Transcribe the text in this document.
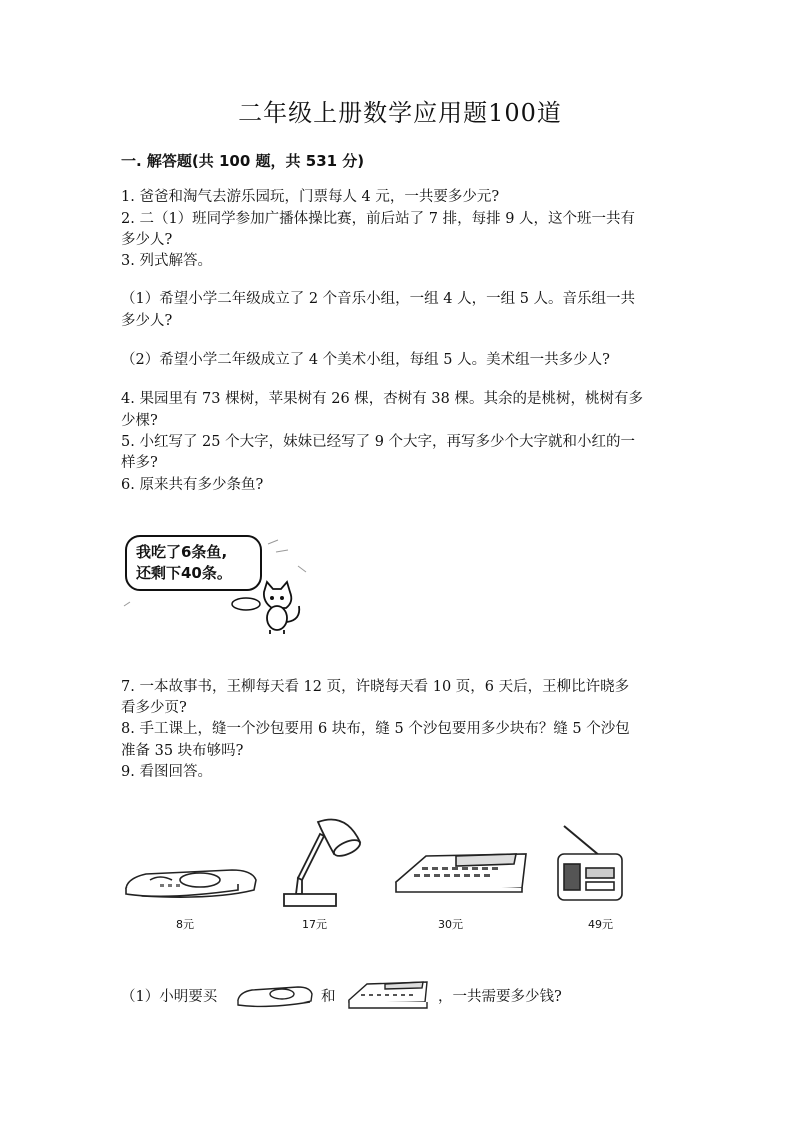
二年级上册数学应用题100道
一. 解答题(共 100 题，共 531 分)
1. 爸爸和淘气去游乐园玩，门票每人 4 元，一共要多少元?
2. 二（1）班同学参加广播体操比赛，前后站了 7 排，每排 9 人，这个班一共有
多少人?
3. 列式解答。
（1）希望小学二年级成立了 2 个音乐小组，一组 4 人，一组 5 人。音乐组一共
多少人?
（2）希望小学二年级成立了 4 个美术小组，每组 5 人。美术组一共多少人?
4. 果园里有 73 棵树，苹果树有 26 棵，杏树有 38 棵。其余的是桃树，桃树有多
少棵?
5. 小红写了 25 个大字，妹妹已经写了 9 个大字，再写多少个大字就和小红的一
样多?
6. 原来共有多少条鱼?
我吃了6条鱼,
还剩下40条。
7. 一本故事书，王柳每天看 12 页，许晓每天看 10 页，6 天后，王柳比许晓多
看多少页?
8. 手工课上，缝一个沙包要用 6 块布，缝 5 个沙包要用多少块布？缝 5 个沙包
准备 35 块布够吗?
9. 看图回答。
8元	17元	30元	49元
（1）小明要买	和	，一共需要多少钱?
